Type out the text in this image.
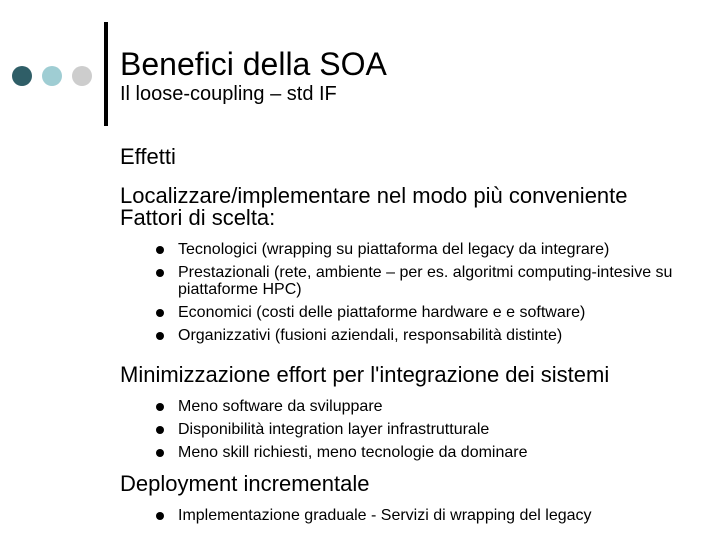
Benefici della SOA
Il loose-coupling – std IF
Effetti
Localizzare/implementare nel modo più conveniente
Fattori di scelta:
Tecnologici (wrapping su piattaforma del legacy da integrare)
Prestazionali (rete, ambiente – per es. algoritmi computing-intesive su piattaforme HPC)
Economici (costi delle piattaforme hardware e e software)
Organizzativi (fusioni aziendali, responsabilità distinte)
Minimizzazione effort per l'integrazione dei sistemi
Meno software da sviluppare
Disponibilità integration layer infrastrutturale
Meno skill richiesti, meno tecnologie da dominare
Deployment incrementale
Implementazione graduale - Servizi di wrapping del legacy
